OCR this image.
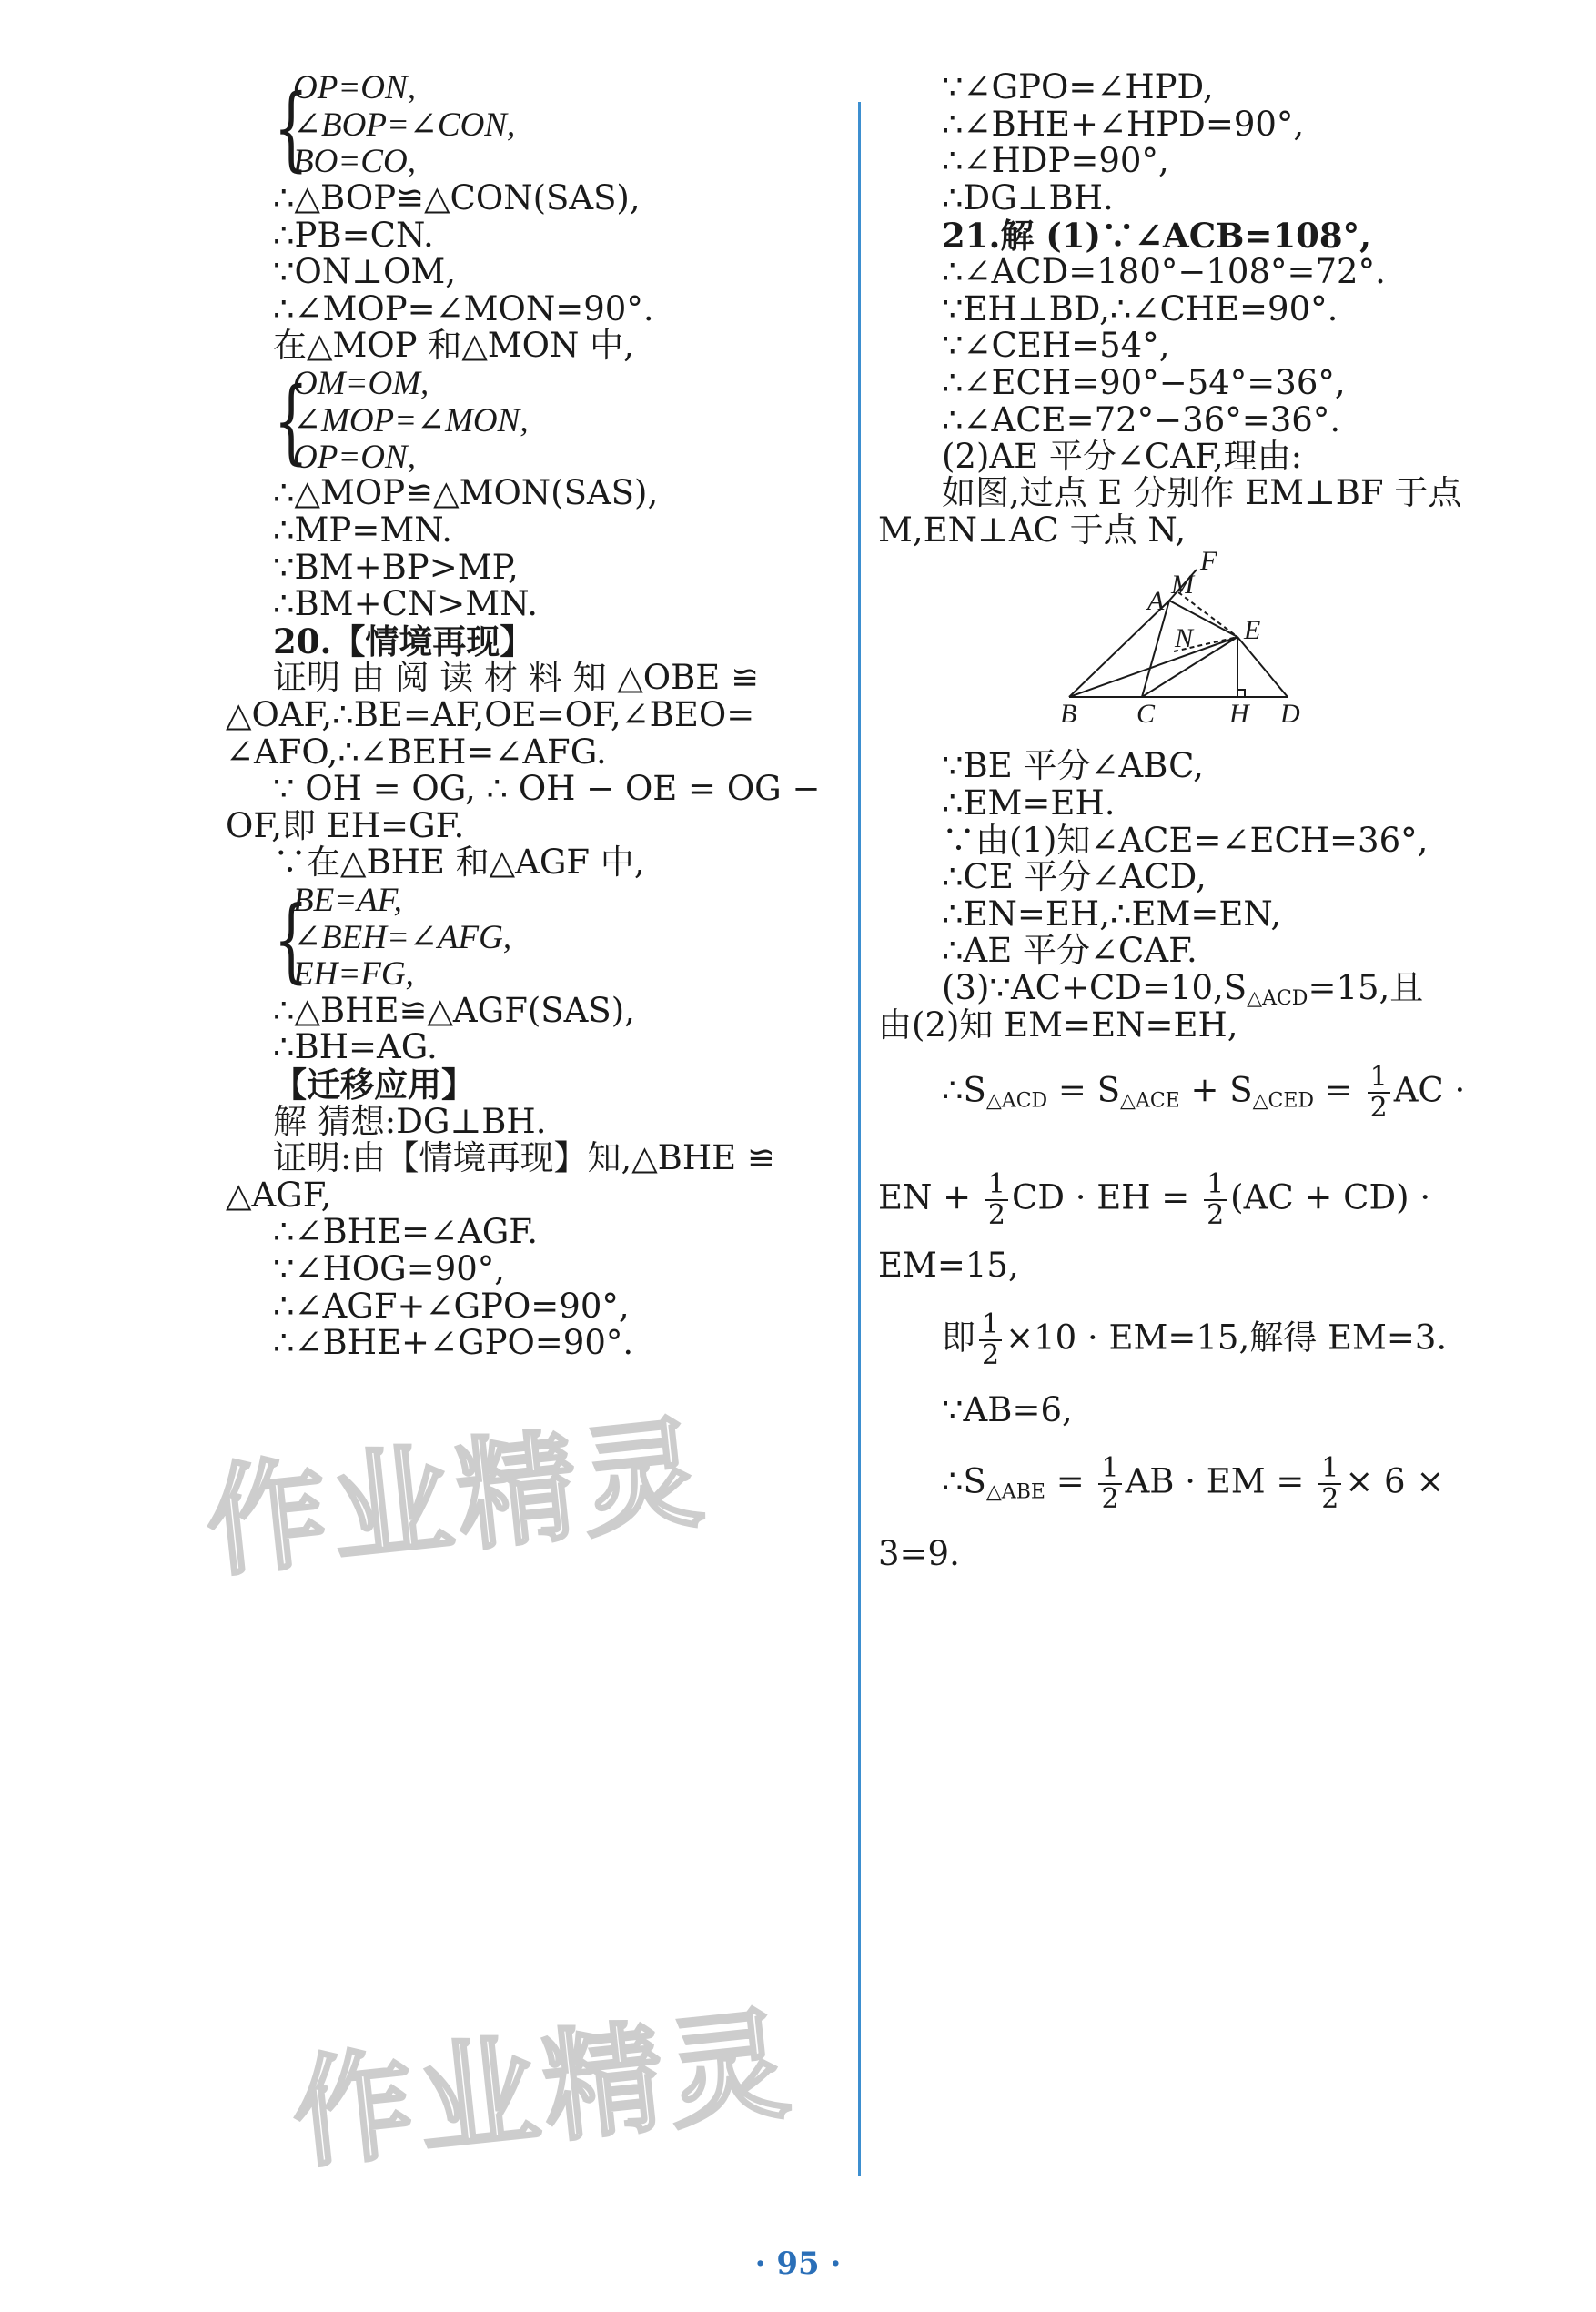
{
OP=ON,
∠BOP=∠CON,
BO=CO,
∴△BOP≌△CON(SAS),
∴PB=CN.
∵ON⊥OM,
∴∠MOP=∠MON=90°.
在△MOP 和△MON 中,
{
OM=OM,
∠MOP=∠MON,
OP=ON,
∴△MOP≌△MON(SAS),
∴MP=MN.
∵BM+BP>MP,
∴BM+CN>MN.
20.【情境再现】
证明 由 阅 读 材 料 知 △OBE ≌
△OAF,∴BE=AF,OE=OF,∠BEO=
∠AFO,∴∠BEH=∠AFG.
∵ OH = OG, ∴ OH − OE = OG −
OF,即 EH=GF.
∵在△BHE 和△AGF 中,
{
BE=AF,
∠BEH=∠AFG,
EH=FG,
∴△BHE≌△AGF(SAS),
∴BH=AG.
【迁移应用】
解 猜想:DG⊥BH.
证明:由【情境再现】知,△BHE ≌
△AGF,
∴∠BHE=∠AGF.
∵∠HOG=90°,
∴∠AGF+∠GPO=90°,
∴∠BHE+∠GPO=90°.
∵∠GPO=∠HPD,
∴∠BHE+∠HPD=90°,
∴∠HDP=90°,
∴DG⊥BH.
21.解 (1)∵∠ACB=108°,
∴∠ACD=180°−108°=72°.
∵EH⊥BD,∴∠CHE=90°.
∵∠CEH=54°,
∴∠ECH=90°−54°=36°,
∴∠ACE=72°−36°=36°.
(2)AE 平分∠CAF,理由:
如图,过点 E 分别作 EM⊥BF 于点
M,EN⊥AC 于点 N,
F
M
A
E
N
B C	H D
∵BE 平分∠ABC,
∴EM=EH.
∵由(1)知∠ACE=∠ECH=36°,
∴CE 平分∠ACD,
∴EN=EH,∴EM=EN,
∴AE 平分∠CAF.
$(3)\because AC+CD=10,S_{\triangle ACD}=15$,且
由(2)知 EM=EN=EH,
$\therefore S_{\triangle ACD} = S_{\triangle ACE} + S_{\triangle CED} = \frac{1}{2}$ AC ·
EN + $\frac{1}{2}$ CD · EH = $\frac{1}{2} (AC + CD)$ ·
EM=15,
即 $\frac{1}{2} \times 10 \cdot EM=15$,解得 EM=3.
∵AB=6,
$\therefore S_{\triangle ABE} = \frac{1}{2}$ AB · EM = $\frac{1}{2} \times 6$ ×
3=9.
作业精灵
作业精灵
· 95 ·
